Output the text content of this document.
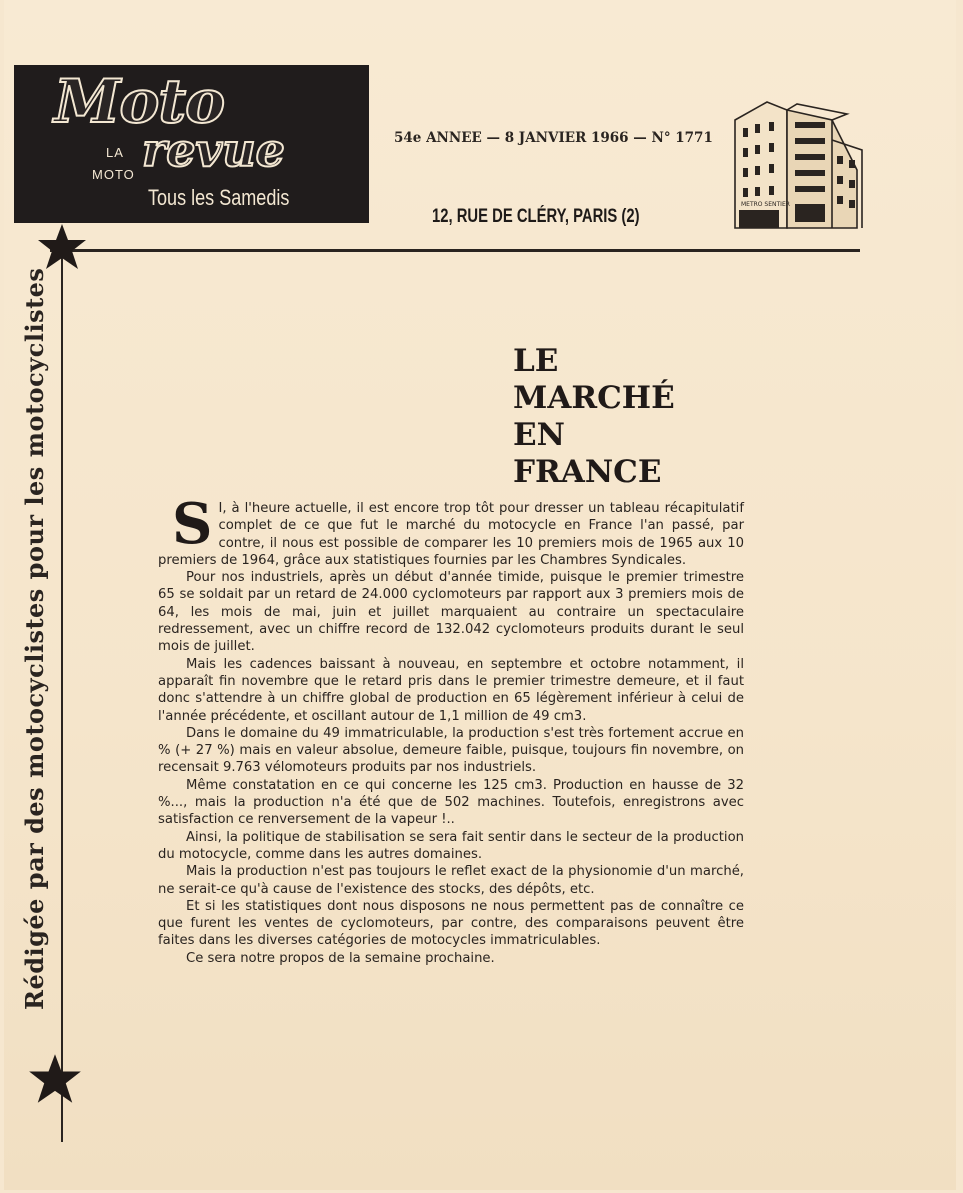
Moto
LA
MOTO revue
Tous les Samedis
54e ANNEE — 8 JANVIER 1966 — N° 1771
12, RUE DE CLÉRY, PARIS (2)
METRO SENTIER
Rédigée par des motocyclistes pour les motocyclistes	LE
MARCHÉ
EN
FRANCE

S I, à l'heure actuelle, il est encore trop tôt pour dresser un tableau récapitulatif complet de ce que fut le marché du motocycle en France l'an passé, par contre, il nous est possible de comparer les 10 premiers mois de 1965 aux 10 premiers de 1964, grâce aux statistiques fournies par les Chambres Syndicales.

Pour nos industriels, après un début d'année timide, puisque le premier trimestre 65 se soldait par un retard de 24.000 cyclomoteurs par rapport aux 3 premiers mois de 64, les mois de mai, juin et juillet marquaient au contraire un spectaculaire redressement, avec un chiffre record de 132.042 cyclomoteurs produits durant le seul mois de juillet.

Mais les cadences baissant à nouveau, en septembre et octobre notamment, il apparaît fin novembre que le retard pris dans le premier trimestre demeure, et il faut donc s'attendre à un chiffre global de production en 65 légèrement inférieur à celui de l'année précédente, et oscillant autour de 1,1 million de 49 cm3.

Dans le domaine du 49 immatriculable, la production s'est très fortement accrue en % (+ 27 %) mais en valeur absolue, demeure faible, puisque, toujours fin novembre, on recensait 9.763 vélomoteurs produits par nos industriels.

Même constatation en ce qui concerne les 125 cm3. Production en hausse de 32 %..., mais la production n'a été que de 502 machines. Toutefois, enregistrons avec satisfaction ce renversement de la vapeur !..

Ainsi, la politique de stabilisation se sera fait sentir dans le secteur de la production du motocycle, comme dans les autres domaines.

Mais la production n'est pas toujours le reflet exact de la physionomie d'un marché, ne serait-ce qu'à cause de l'existence des stocks, des dépôts, etc.

Et si les statistiques dont nous disposons ne nous permettent pas de connaître ce que furent les ventes de cyclomoteurs, par contre, des comparaisons peuvent être faites dans les diverses catégories de motocycles immatriculables.

Ce sera notre propos de la semaine prochaine.
